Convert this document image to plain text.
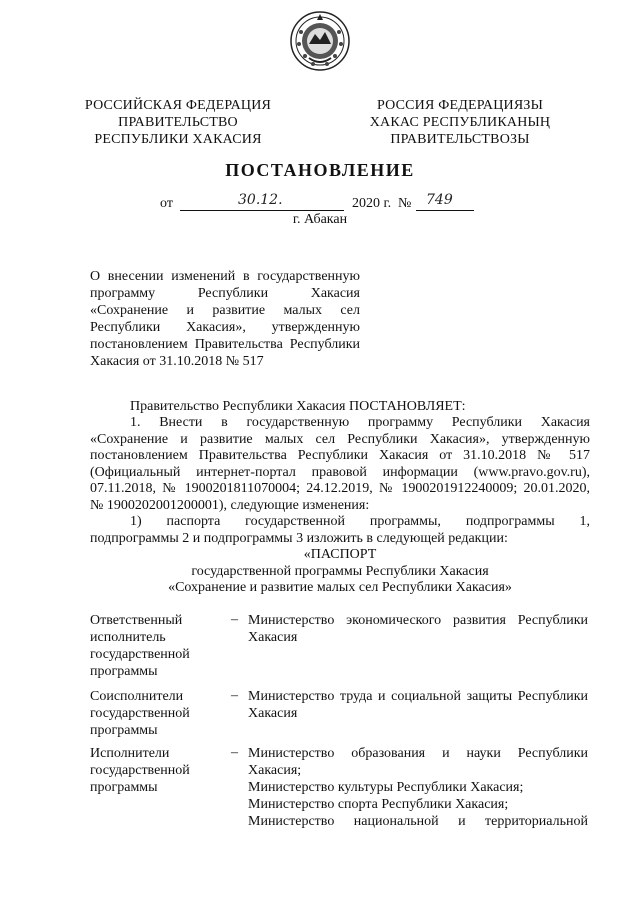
РОССИЙСКАЯ ФЕДЕРАЦИЯ
ПРАВИТЕЛЬСТВО
РЕСПУБЛИКИ ХАКАСИЯ
РОССИЯ ФЕДЕРАЦИЯЗЫ
ХАКАС РЕСПУБЛИКАНЫҢ
ПРАВИТЕЛЬСТВОЗЫ
ПОСТАНОВЛЕНИЕ
от	30.12.	2020 г. № 749
г. Абакан
О внесении изменений в государственную программу Республики Хакасия «Сохранение и развитие малых сел Республики Хакасия», утвержденную постановлением Правительства Республики Хакасия от 31.10.2018 № 517
Правительство Республики Хакасия ПОСТАНОВЛЯЕТ:
1. Внести в государственную программу Республики Хакасия
«Сохранение и развитие малых сел Республики Хакасия», утвержденную
постановлением Правительства Республики Хакасия от 31.10.2018 № 517
(Официальный интернет-портал правовой информации (www.pravo.gov.ru),
07.11.2018, № 1900201811070004; 24.12.2019, № 1900201912240009; 20.01.2020,
№ 1900202001200001), следующие изменения:
1) паспорта государственной программы, подпрограммы 1,
подпрограммы 2 и подпрограммы 3 изложить в следующей редакции:
«ПАСПОРТ
государственной программы Республики Хакасия
«Сохранение и развитие малых сел Республики Хакасия»
Ответственный
исполнитель
государственной
программы
– Министерство экономического развития Республики
Хакасия
Соисполнители
государственной
программы
– Министерство труда и социальной защиты Республики
Хакасия
Исполнители
государственной
программы
– Министерство образования и науки Республики
Хакасия;
Министерство культуры Республики Хакасия;
Министерство спорта Республики Хакасия;
Министерство национальной и территориальной
